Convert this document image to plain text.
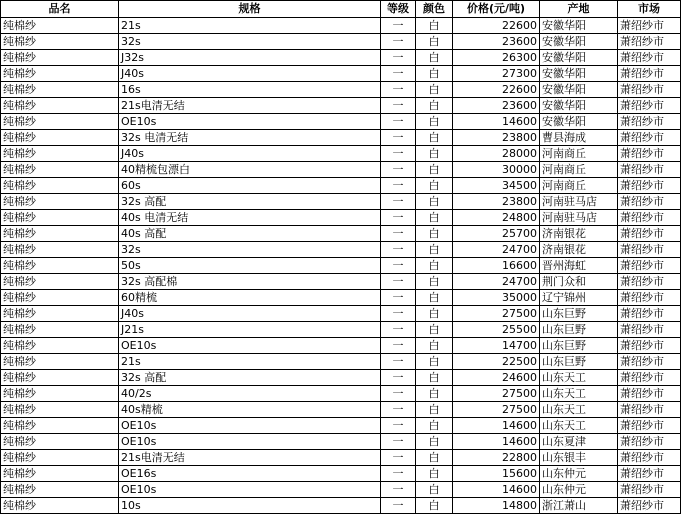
品名	规格	等级	颜色	价格(元/吨)	产地	市场
纯棉纱	21s	一	白	22600	安徽华阳	萧绍纱市
纯棉纱	32s	一	白	23600	安徽华阳	萧绍纱市
纯棉纱	J32s	一	白	26300	安徽华阳	萧绍纱市
纯棉纱	J40s	一	白	27300	安徽华阳	萧绍纱市
纯棉纱	16s	一	白	22600	安徽华阳	萧绍纱市
纯棉纱	21s电清无结	一	白	23600	安徽华阳	萧绍纱市
纯棉纱	OE10s	一	白	14600	安徽华阳	萧绍纱市
纯棉纱	32s 电清无结	一	白	23800	曹县海成	萧绍纱市
纯棉纱	J40s	一	白	28000	河南商丘	萧绍纱市
纯棉纱	40精梳包漂白	一	白	30000	河南商丘	萧绍纱市
纯棉纱	60s	一	白	34500	河南商丘	萧绍纱市
纯棉纱	32s 高配	一	白	23800	河南驻马店	萧绍纱市
纯棉纱	40s 电清无结	一	白	24800	河南驻马店	萧绍纱市
纯棉纱	40s 高配	一	白	25700	济南银花	萧绍纱市
纯棉纱	32s	一	白	24700	济南银花	萧绍纱市
纯棉纱	50s	一	白	16600	晋州海虹	萧绍纱市
纯棉纱	32s 高配棉	一	白	24700	荆门众和	萧绍纱市
纯棉纱	60精梳	一	白	35000	辽宁锦州	萧绍纱市
纯棉纱	J40s	一	白	27500	山东巨野	萧绍纱市
纯棉纱	J21s	一	白	25500	山东巨野	萧绍纱市
纯棉纱	OE10s	一	白	14700	山东巨野	萧绍纱市
纯棉纱	21s	一	白	22500	山东巨野	萧绍纱市
纯棉纱	32s 高配	一	白	24600	山东天工	萧绍纱市
纯棉纱	40/2s	一	白	27500	山东天工	萧绍纱市
纯棉纱	40s精梳	一	白	27500	山东天工	萧绍纱市
纯棉纱	OE10s	一	白	14600	山东天工	萧绍纱市
纯棉纱	OE10s	一	白	14600	山东夏津	萧绍纱市
纯棉纱	21s电清无结	一	白	22800	山东银丰	萧绍纱市
纯棉纱	OE16s	一	白	15600	山东仲元	萧绍纱市
纯棉纱	OE10s	一	白	14600	山东仲元	萧绍纱市
纯棉纱	10s	一	白	14800	浙江萧山	萧绍纱市
